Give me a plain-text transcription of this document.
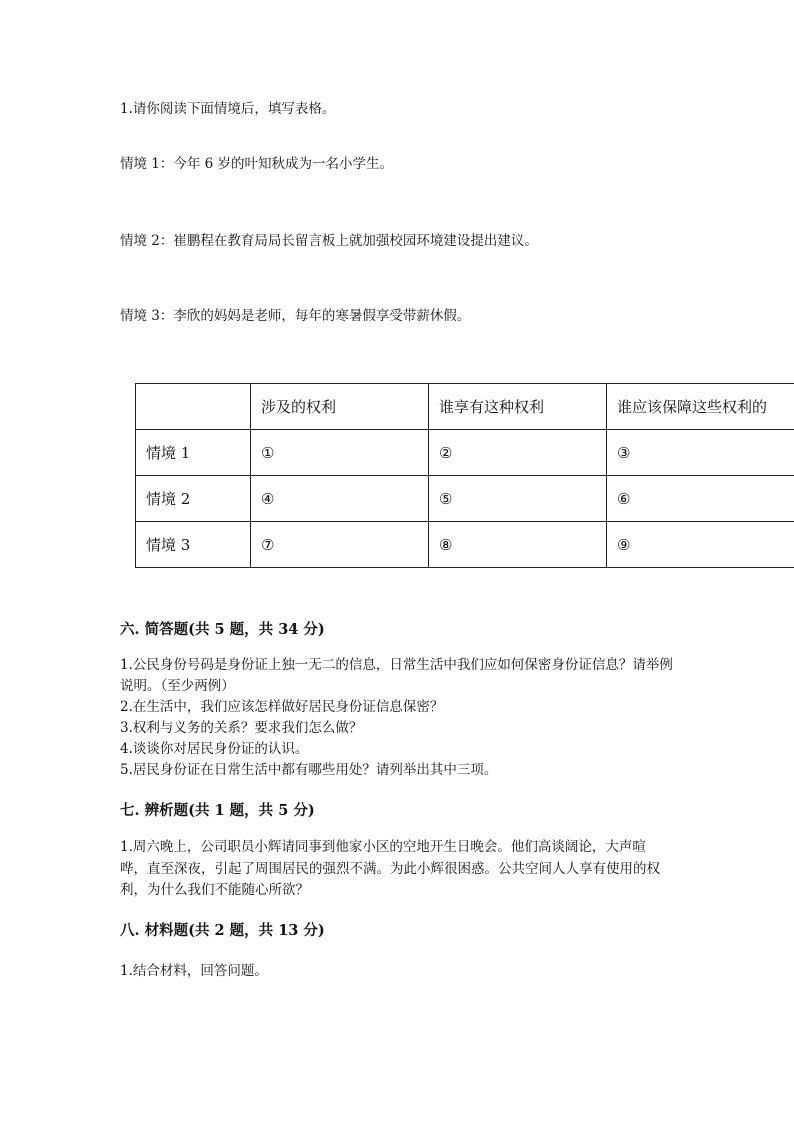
1.请你阅读下面情境后，填写表格。
情境 1：今年 6 岁的叶知秋成为一名小学生。
情境 2：崔鹏程在教育局局长留言板上就加强校园环境建设提出建议。
情境 3：李欣的妈妈是老师，每年的寒暑假享受带薪休假。
	涉及的权利	谁享有这种权利	谁应该保障这些权利的
情境 1	①	②	③
情境 2	④	⑤	⑥
情境 3	⑦	⑧	⑨
六. 简答题(共 5 题，共 34 分)

1.公民身份号码是身份证上独一无二的信息，日常生活中我们应如何保密身份证信息？请举例说明。（至少两例）

2.在生活中，我们应该怎样做好居民身份证信息保密？

3.权利与义务的关系？要求我们怎么做？

4.谈谈你对居民身份证的认识。

5.居民身份证在日常生活中都有哪些用处？请列举出其中三项。

七. 辨析题(共 1 题，共 5 分)

1.周六晚上，公司职员小辉请同事到他家小区的空地开生日晚会。他们高谈阔论，大声喧哗，直至深夜，引起了周围居民的强烈不满。为此小辉很困惑。公共空间人人享有使用的权利，为什么我们不能随心所欲？

八. 材料题(共 2 题，共 13 分)
1.结合材料，回答问题。
